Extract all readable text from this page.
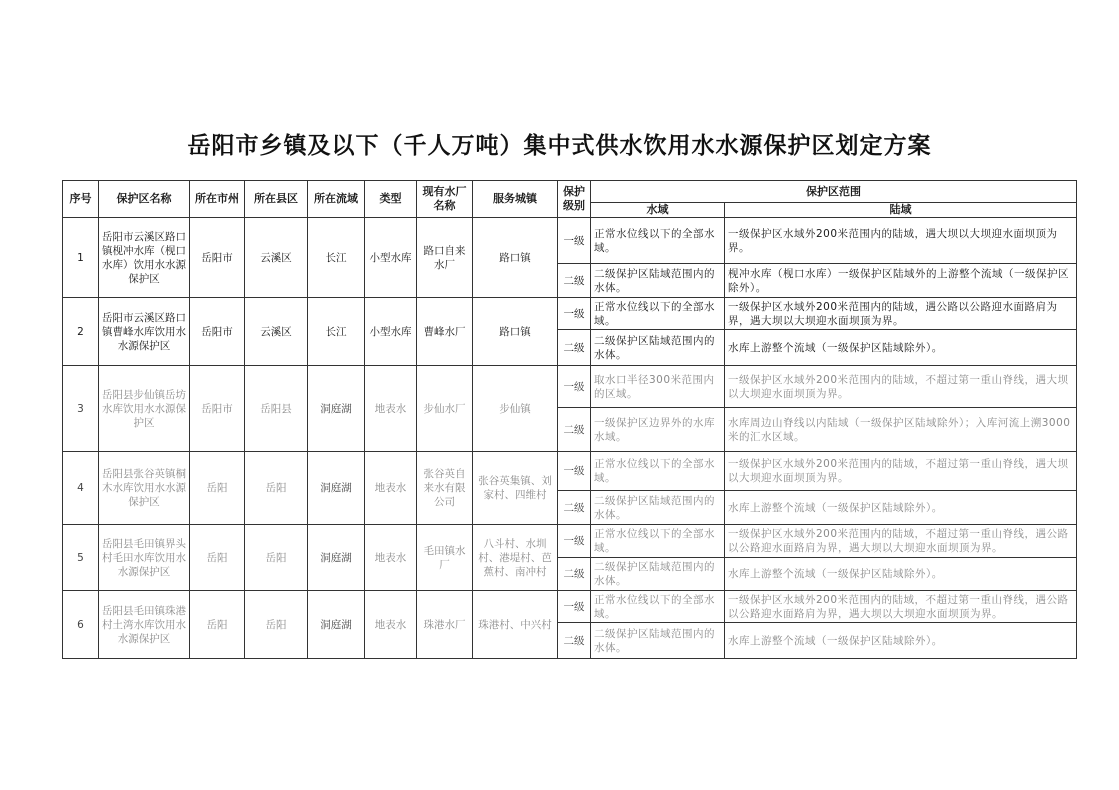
岳阳市乡镇及以下（千人万吨）集中式供水饮用水水源保护区划定方案
序号	保护区名称	所在市州	所在县区	所在流域	类型	现有水厂名称	服务城镇	保护级别	保护区范围	
									水域	陆域
1	岳阳市云溪区路口镇枧冲水库（枧口水库）饮用水水源保护区	岳阳市	云溪区	长江	小型水库	路口自来水厂	路口镇	一级	正常水位线以下的全部水域。	一级保护区水域外200米范围内的陆域，遇大坝以大坝迎水面坝顶为界。
								二级	二级保护区陆域范围内的水体。	枧冲水库（枧口水库）一级保护区陆域外的上游整个流域（一级保护区除外）。
2	岳阳市云溪区路口镇曹峰水库饮用水水源保护区	岳阳市	云溪区	长江	小型水库	曹峰水厂	路口镇	一级	正常水位线以下的全部水域。	一级保护区水域外200米范围内的陆域，遇公路以公路迎水面路肩为界，遇大坝以大坝迎水面坝顶为界。
								二级	二级保护区陆域范围内的水体。	水库上游整个流域（一级保护区陆域除外）。
3	岳阳县步仙镇岳坊水库饮用水水源保护区	岳阳市	岳阳县	洞庭湖	地表水	步仙水厂	步仙镇	一级	取水口半径300米范围内的区域。	一级保护区水域外200米范围内的陆域，不超过第一重山脊线，遇大坝以大坝迎水面坝顶为界。
								二级	一级保护区边界外的水库水域。	水库周边山脊线以内陆域（一级保护区陆域除外）；入库河流上溯3000米的汇水区域。
4	岳阳县张谷英镇桐木水库饮用水水源保护区	岳阳	岳阳	洞庭湖	地表水	张谷英自来水有限公司	张谷英集镇、刘家村、四维村	一级	正常水位线以下的全部水域。	一级保护区水域外200米范围内的陆域，不超过第一重山脊线，遇大坝以大坝迎水面坝顶为界。
								二级	二级保护区陆域范围内的水体。	水库上游整个流域（一级保护区陆域除外）。
5	岳阳县毛田镇界头村毛田水库饮用水水源保护区	岳阳	岳阳	洞庭湖	地表水	毛田镇水厂	八斗村、水圳村、港堤村、芭蕉村、南冲村	一级	正常水位线以下的全部水域。	一级保护区水域外200米范围内的陆域，不超过第一重山脊线，遇公路以公路迎水面路肩为界，遇大坝以大坝迎水面坝顶为界。
								二级	二级保护区陆域范围内的水体。	水库上游整个流域（一级保护区陆域除外）。
6	岳阳县毛田镇珠港村土湾水库饮用水水源保护区	岳阳	岳阳	洞庭湖	地表水	珠港水厂	珠港村、中兴村	一级	正常水位线以下的全部水域。	一级保护区水域外200米范围内的陆域，不超过第一重山脊线，遇公路以公路迎水面路肩为界，遇大坝以大坝迎水面坝顶为界。
								二级	二级保护区陆域范围内的水体。	水库上游整个流域（一级保护区陆域除外）。
